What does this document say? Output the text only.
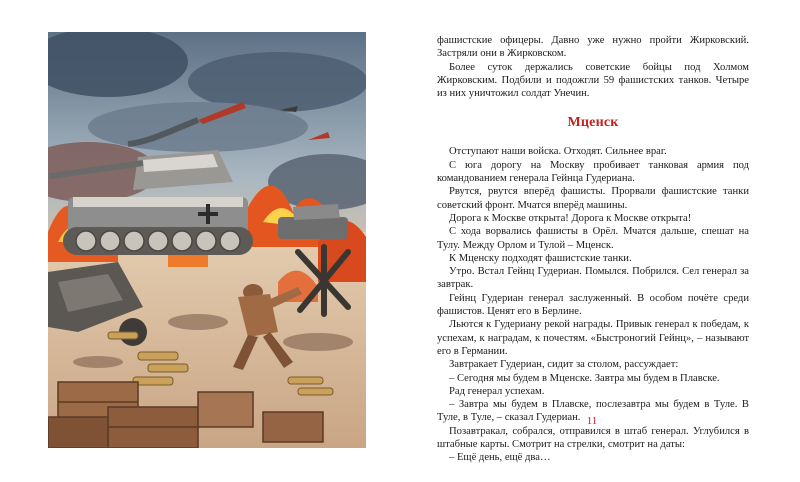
фашистские офицеры. Давно уже нужно пройти Жирковский. Застряли они в Жирковском.

Более суток держались советские бойцы под Холмом Жирковским. Подбили и подожгли 59 фашистских танков. Четыре из них уничтожил солдат Унечин.

Мценск

Отступают наши войска. Отходят. Сильнее враг.

С юга дорогу на Москву пробивает танковая армия под командованием генерала Гейнца Гудериана.

Рвутся, рвутся вперёд фашисты. Прорвали фашистские танки советский фронт. Мчатся вперёд машины.

Дорога к Москве открыта! Дорога к Москве открыта!

С хода ворвались фашисты в Орёл. Мчатся дальше, спешат на Тулу. Между Орлом и Тулой – Мценск.

К Мценску подходят фашистские танки.

Утро. Встал Гейнц Гудериан. Помылся. Побрился. Сел генерал за завтрак.

Гейнц Гудериан генерал заслуженный. В особом почёте среди фашистов. Ценят его в Берлине.

Льются к Гудериану рекой награды. Привык генерал к победам, к успехам, к наградам, к почестям. «Быстроногий Гейнц», – называют его в Германии.

Завтракает Гудериан, сидит за столом, рассуждает:

– Сегодня мы будем в Мценске. Завтра мы будем в Плавске.

Рад генерал успехам.

– Завтра мы будем в Плавске, послезавтра мы будем в Туле. В Туле, в Туле, – сказал Гудериан.

Позавтракал, собрался, отправился в штаб генерал. Углубился в штабные карты. Смотрит на стрелки, смотрит на даты:

– Ещё день, ещё два…

11
